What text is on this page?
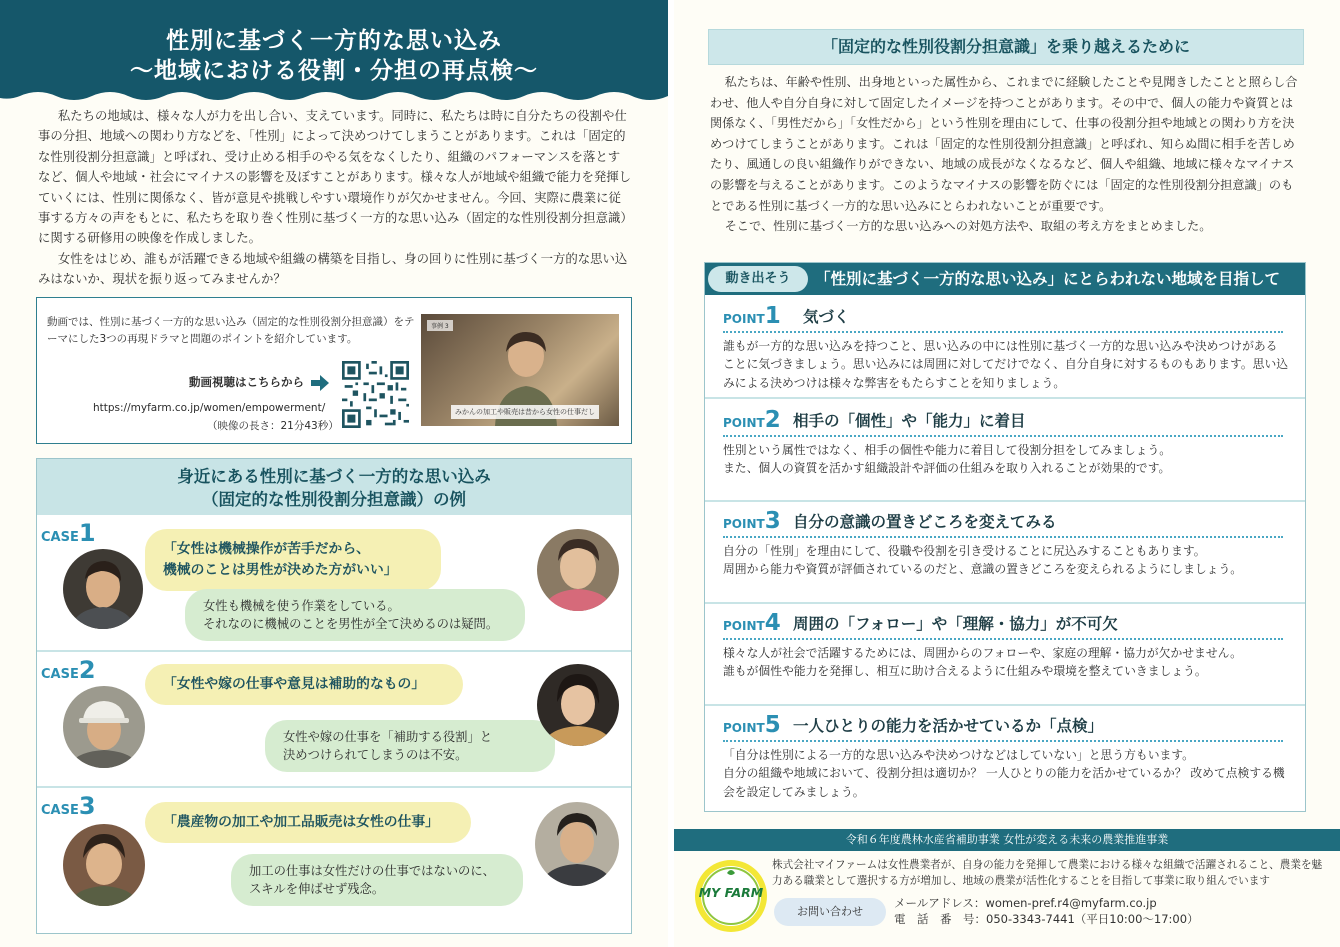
性別に基づく一方的な思い込み
〜地域における役割・分担の再点検〜

私たちの地域は、様々な人が力を出し合い、支えています。同時に、私たちは時に自分たちの役割や仕事の分担、地域への関わり方などを、「性別」によって決めつけてしまうことがあります。これは「固定的な性別役割分担意識」と呼ばれ、受け止める相手のやる気をなくしたり、組織のパフォーマンスを落とすなど、個人や地域・社会にマイナスの影響を及ぼすことがあります。様々な人が地域や組織で能力を発揮していくには、性別に関係なく、皆が意見や挑戦しやすい環境作りが欠かせません。今回、実際に農業に従事する方々の声をもとに、私たちを取り巻く性別に基づく一方的な思い込み（固定的な性別役割分担意識）に関する研修用の映像を作成しました。

女性をはじめ、誰もが活躍できる地域や組織の構築を目指し、身の回りに性別に基づく一方的な思い込みはないか、現状を振り返ってみませんか？

動画では、性別に基づく一方的な思い込み（固定的な性別役割分担意識）をテーマにした3つの再現ドラマと問題のポイントを紹介しています。
動画視聴はこちらから
https://myfarm.co.jp/women/empowerment/
（映像の長さ：21分43秒）
事例 3
みかんの加工や販売は昔から女性の仕事だし
身近にある性別に基づく一方的な思い込み
（固定的な性別役割分担意識）の例
CASE1
「女性は機械操作が苦手だから、
機械のことは男性が決めた方がいい」
女性も機械を使う作業をしている。
それなのに機械のことを男性が全て決めるのは疑問。
CASE2	「女性や嫁の仕事や意見は補助的なもの」
女性や嫁の仕事を「補助する役割」と
決めつけられてしまうのは不安。
CASE3
「農産物の加工や加工品販売は女性の仕事」
加工の仕事は女性だけの仕事ではないのに、
スキルを伸ばせず残念。
「固定的な性別役割分担意識」を乗り越えるために

私たちは、年齢や性別、出身地といった属性から、これまでに経験したことや見聞きしたことと照らし合わせ、他人や自分自身に対して固定したイメージを持つことがあります。その中で、個人の能力や資質とは関係なく、「男性だから」「女性だから」という性別を理由にして、仕事の役割分担や地域との関わり方を決めつけてしまうことがあります。これは「固定的な性別役割分担意識」と呼ばれ、知らぬ間に相手を苦しめたり、風通しの良い組織作りができない、地域の成長がなくなるなど、個人や組織、地域に様々なマイナスの影響を与えることがあります。このようなマイナスの影響を防ぐには「固定的な性別役割分担意識」のもとである性別に基づく一方的な思い込みにとらわれないことが重要です。

そこで、性別に基づく一方的な思い込みへの対処方法や、取組の考え方をまとめました。

動き出そう	「性別に基づく一方的な思い込み」にとらわれない地域を目指して
POINT1 気づく
誰もが一方的な思い込みを持つこと、思い込みの中には性別に基づく一方的な思い込みや決めつけがあることに気づきましょう。思い込みには周囲に対してだけでなく、自分自身に対するものもあります。思い込みによる決めつけは様々な弊害をもたらすことを知りましょう。
POINT2 相手の「個性」や「能力」に着目
性別という属性ではなく、相手の個性や能力に着目して役割分担をしてみましょう。
また、個人の資質を活かす組織設計や評価の仕組みを取り入れることが効果的です。
POINT3 自分の意識の置きどころを変えてみる
自分の「性別」を理由にして、役職や役割を引き受けることに尻込みすることもあります。
周囲から能力や資質が評価されているのだと、意識の置きどころを変えられるようにしましょう。
POINT4 周囲の「フォロー」や「理解・協力」が不可欠
様々な人が社会で活躍するためには、周囲からのフォローや、家庭の理解・協力が欠かせません。
誰もが個性や能力を発揮し、相互に助け合えるように仕組みや環境を整えていきましょう。
POINT5 一人ひとりの能力を活かせているか「点検」
「自分は性別による一方的な思い込みや決めつけなどはしていない」と思う方もいます。
自分の組織や地域において、役割分担は適切か？ 一人ひとりの能力を活かせているか？ 改めて点検する機会を設定してみましょう。
令和６年度農林水産省補助事業 女性が変える未来の農業推進事業
MY FARM
株式会社マイファームは女性農業者が、自身の能力を発揮して農業における様々な組織で活躍されること、農業を魅力ある職業として選択する方が増加し、地域の農業が活性化することを目指して事業に取り組んでいます
お問い合わせ
メールアドレス：women-pref.r4@myfarm.co.jp
電　話　番　号：050-3343-7441（平日10:00～17:00）
